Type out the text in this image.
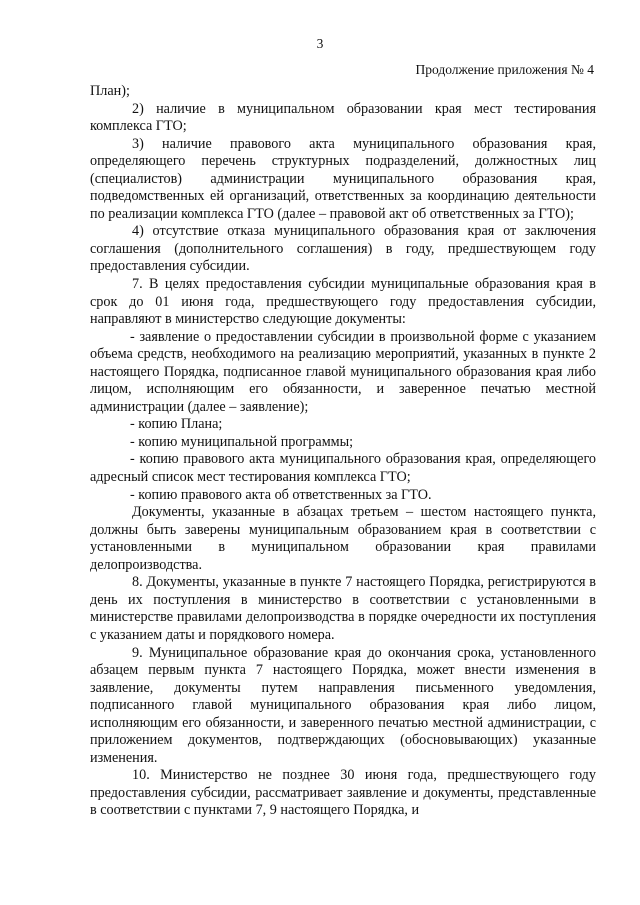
3
Продолжение приложения № 4

План);

2) наличие в муниципальном образовании края мест тестирования комплекса ГТО;

3) наличие правового акта муниципального образования края, определяющего перечень структурных подразделений, должностных лиц (специалистов) администрации муниципального образования края, подведомственных ей организаций, ответственных за координацию деятельности по реализации комплекса ГТО (далее – правовой акт об ответственных за ГТО);

4) отсутствие отказа муниципального образования края от заключения соглашения (дополнительного соглашения) в году, предшествующем году предоставления субсидии.

7. В целях предоставления субсидии муниципальные образования края в срок до 01 июня года, предшествующего году предоставления субсидии, направляют в министерство следующие документы:

- заявление о предоставлении субсидии в произвольной форме с указанием объема средств, необходимого на реализацию мероприятий, указанных в пункте 2 настоящего Порядка, подписанное главой муниципального образования края либо лицом, исполняющим его обязанности, и заверенное печатью местной администрации (далее – заявление);

- копию Плана;

- копию муниципальной программы;

- копию правового акта муниципального образования края, определяющего адресный список мест тестирования комплекса ГТО;

- копию правового акта об ответственных за ГТО.

Документы, указанные в абзацах третьем – шестом настоящего пункта, должны быть заверены муниципальным образованием края в соответствии с установленными в муниципальном образовании края правилами делопроизводства.

8. Документы, указанные в пункте 7 настоящего Порядка, регистрируются в день их поступления в министерство в соответствии с установленными в министерстве правилами делопроизводства в порядке очередности их поступления с указанием даты и порядкового номера.

9. Муниципальное образование края до окончания срока, установленного абзацем первым пункта 7 настоящего Порядка, может внести изменения в заявление, документы путем направления письменного уведомления, подписанного главой муниципального образования края либо лицом, исполняющим его обязанности, и заверенного печатью местной администрации, с приложением документов, подтверждающих (обосновывающих) указанные изменения.

10. Министерство не позднее 30 июня года, предшествующего году предоставления субсидии, рассматривает заявление и документы, представленные в соответствии с пунктами 7, 9 настоящего Порядка, и
